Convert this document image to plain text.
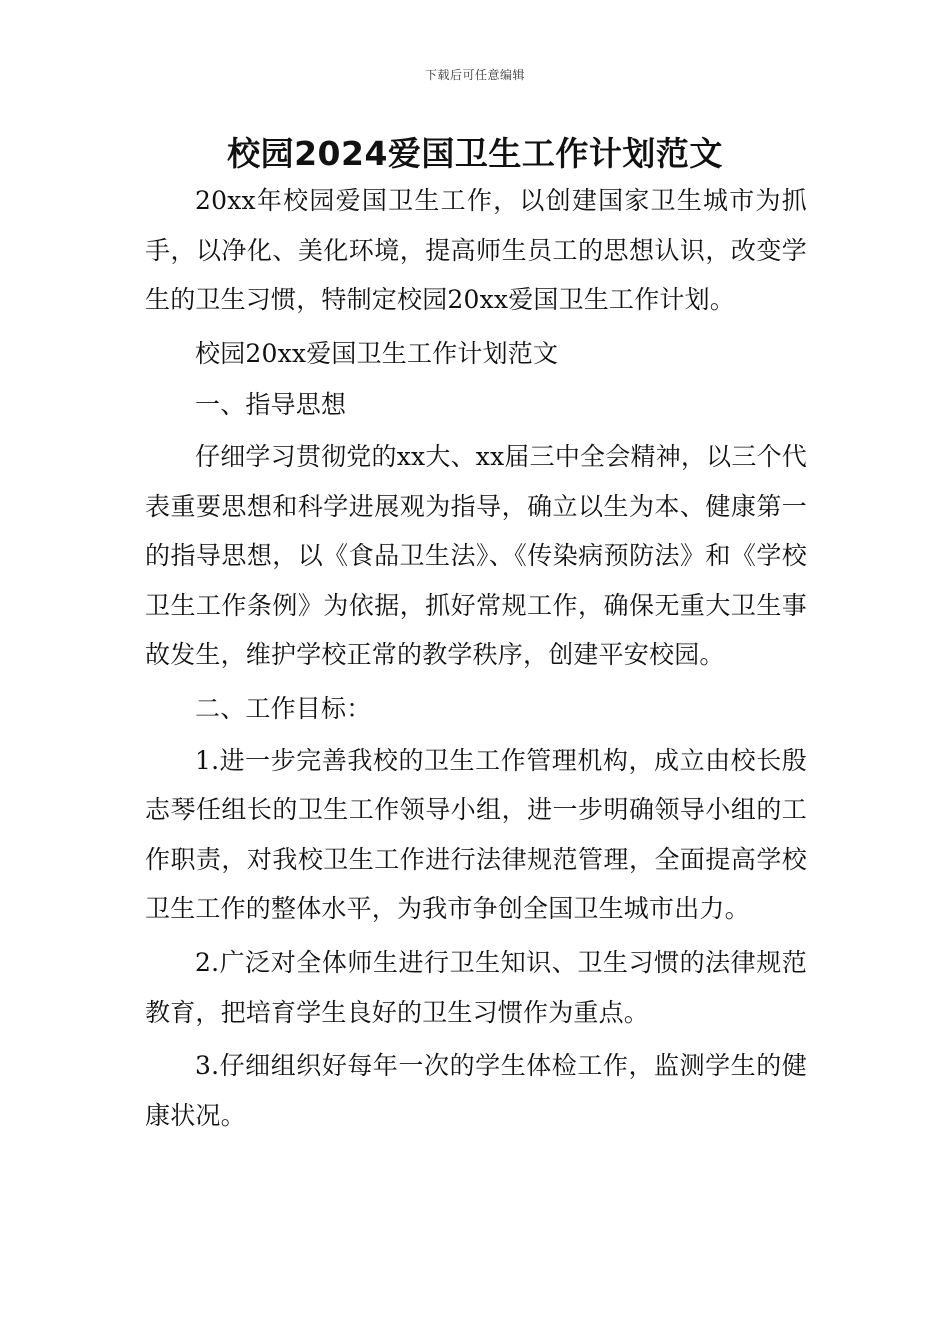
下载后可任意编辑
校园2024爱国卫生工作计划范文

20xx年校园爱国卫生工作，以创建国家卫生城市为抓手，以净化、美化环境，提高师生员工的思想认识，改变学生的卫生习惯，特制定校园20xx爱国卫生工作计划。

校园20xx爱国卫生工作计划范文

一、指导思想

仔细学习贯彻党的xx大、xx届三中全会精神，以三个代表重要思想和科学进展观为指导，确立以生为本、健康第一的指导思想，以《食品卫生法》、《传染病预防法》和《学校卫生工作条例》为依据，抓好常规工作，确保无重大卫生事故发生，维护学校正常的教学秩序，创建平安校园。

二、工作目标：

1.进一步完善我校的卫生工作管理机构，成立由校长殷志琴任组长的卫生工作领导小组，进一步明确领导小组的工作职责，对我校卫生工作进行法律规范管理，全面提高学校卫生工作的整体水平，为我市争创全国卫生城市出力。

2.广泛对全体师生进行卫生知识、卫生习惯的法律规范教育，把培育学生良好的卫生习惯作为重点。

3.仔细组织好每年一次的学生体检工作，监测学生的健康状况。
